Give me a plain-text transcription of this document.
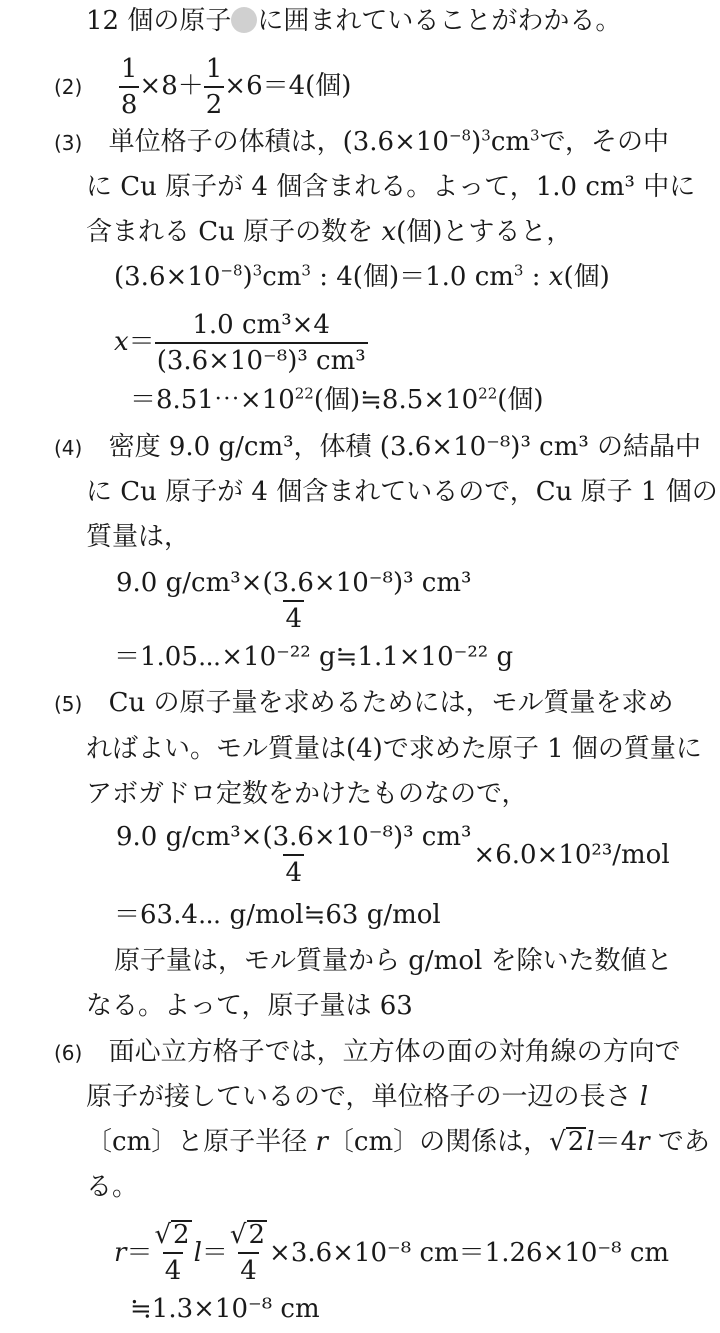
12 個の原子 に囲まれていることがわかる。
$(2) \frac{1}{8} \times 8+ \frac{1}{2} \times 6=4$(個)
(3) 単位格子の体積は，$(3.6\times 10^{-8})^3cm^3$で，その中
に Cu 原子が 4 個含まれる。よって，1.0 cm³ 中に
含まれる Cu 原子の数を x(個)とすると，
$(3.6\times 10^{-8})^3cm^3$ : 4(個)＝1.0 $cm^3$ : x(個)
$x= \frac{\text{1.0 cm³×4}}{\text{(3.6×10⁻⁸)³ cm³}}$
$=8.51\cdots\times 10^{22}$(個)$≒8.5\times 10^{22}$(個)
(4) 密度 9.0 g/cm³，体積 (3.6×10⁻⁸)³ cm³ の結晶中
に Cu 原子が 4 個含まれているので，Cu 原子 1 個の
質量は，
$\frac{\text{9.0 g/cm³×(3.6×10⁻⁸)³ cm³}}{4}$
＝1.05⋯×10⁻²² g≒1.1×10⁻²² g
(5) Cu の原子量を求めるためには，モル質量を求め
ればよい。モル質量は(4)で求めた原子 1 個の質量に
アボガドロ定数をかけたものなので，
$\frac{\text{9.0 g/cm³×(3.6×10⁻⁸)³ cm³}}{4} \times 6.0\times 10^{23}/mol$
＝63.4⋯ g/mol≒63 g/mol
原子量は，モル質量から g/mol を除いた数値と
なる。よって，原子量は 63
(6) 面心立方格子では，立方体の面の対角線の方向で
原子が接しているので，単位格子の一辺の長さ l
〔cm〕と原子半径 r〔cm〕の関係は，√2l＝4r であ
る。
$r= \frac{√2}{4} l= \frac{√2}{4} \times 3.6\times 10^{-8}$ cm＝1.26×10⁻⁸ cm
≒1.3×10⁻⁸ cm
